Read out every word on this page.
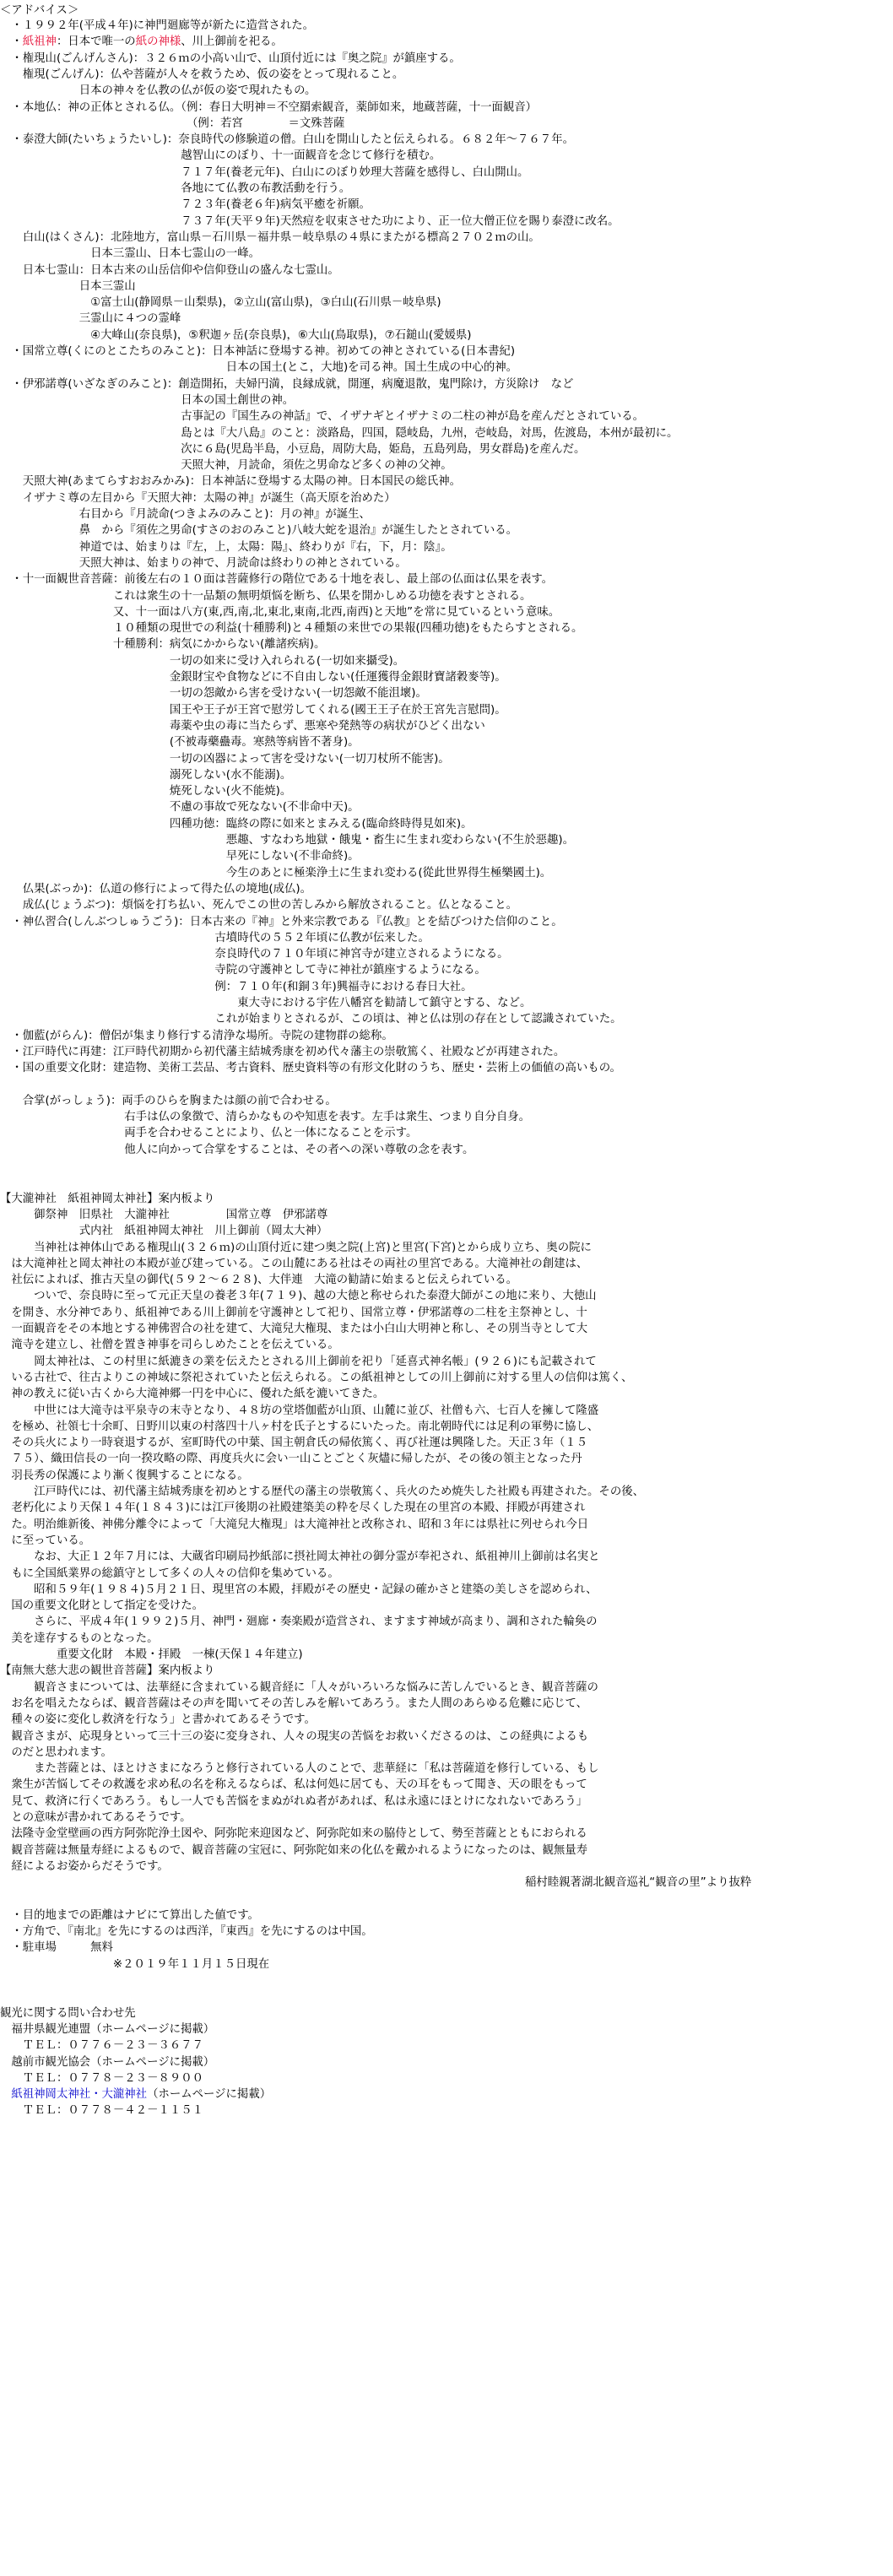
＜アドバイス＞
　・１９９２年(平成４年)に神門廻廊等が新たに造営された。
　・紙祖神：日本で唯一の紙の神様、川上御前を祀る。
　・権現山(ごんげんさん)：３２６ｍの小高い山で、山頂付近には『奥之院』が鎮座する。
　　権現(ごんげん)：仏や菩薩が人々を救うため、仮の姿をとって現れること。
　　　　　　　日本の神々を仏教の仏が仮の姿で現れたもの。
　・本地仏：神の正体とされる仏。（例：春日大明神＝不空羂索観音，薬師如来，地蔵菩薩，十一面観音）
　　　　　　　　　　　　　　　　　（例：若宮　　　　＝文殊菩薩
　・泰澄大師(たいちょうたいし)：奈良時代の修験道の僧。白山を開山したと伝えられる。６８２年～７６７年。
　　　　　　　　　　　　　　　　越智山にのぼり、十一面観音を念じて修行を積む。
　　　　　　　　　　　　　　　　７１７年(養老元年)、白山にのぼり妙理大菩薩を感得し、白山開山。
　　　　　　　　　　　　　　　　各地にて仏教の布教活動を行う。
　　　　　　　　　　　　　　　　７２３年(養老６年)病気平癒を祈願。
　　　　　　　　　　　　　　　　７３７年(天平９年)天然痘を収束させた功により、正一位大僧正位を賜り泰澄に改名。
　　白山(はくさん)：北陸地方，富山県－石川県－福井県－岐阜県の４県にまたがる標高２７０２ｍの山。
　　　　　　　　日本三霊山、日本七霊山の一峰。
　　日本七霊山：日本古来の山岳信仰や信仰登山の盛んな七霊山。
　　　　　　　日本三霊山
　　　　　　　　①富士山(静岡県－山梨県)，②立山(富山県)，③白山(石川県－岐阜県)
　　　　　　　三霊山に４つの霊峰
　　　　　　　　④大峰山(奈良県)，⑤釈迦ヶ岳(奈良県)，⑥大山(鳥取県)，⑦石鎚山(愛媛県)
　・国常立尊(くにのとこたちのみこと)：日本神話に登場する神。初めての神とされている(日本書紀)
　　　　　　　　　　　　　　　　　　　　日本の国土(とこ，大地)を司る神。国土生成の中心的神。
　・伊邪諾尊(いざなぎのみこと)：創造開拓，夫婦円満，良縁成就，開運，病魔退散，鬼門除け，方災除け　など
　　　　　　　　　　　　　　　　日本の国土創世の神。
　　　　　　　　　　　　　　　　古事記の『国生みの神話』で、イザナギとイザナミの二柱の神が島を産んだとされている。
　　　　　　　　　　　　　　　　島とは『大八島』のこと：淡路島，四国，隠岐島，九州，壱岐島，対馬，佐渡島，本州が最初に。
　　　　　　　　　　　　　　　　次に６島(児島半島，小豆島，周防大島，姫島，五島列島，男女群島)を産んだ。
　　　　　　　　　　　　　　　　天照大神，月読命，須佐之男命など多くの神の父神。
　　天照大神(あまてらすおおみかみ)：日本神話に登場する太陽の神。日本国民の総氏神。
　　イザナミ尊の左目から『天照大神：太陽の神』が誕生（高天原を治めた）
　　　　　　　右目から『月読命(つきよみのみこと)：月の神』が誕生、
　　　　　　　鼻　から『須佐之男命(すさのおのみこと)八岐大蛇を退治』が誕生したとされている。
　　　　　　　神道では、始まりは『左，上，太陽：陽』、終わりが『右，下，月：陰』。
　　　　　　　天照大神は、始まりの神で、月読命は終わりの神とされている。
　・十一面観世音菩薩：前後左右の１０面は菩薩修行の階位である十地を表し、最上部の仏面は仏果を表す。
　　　　　　　　　　これは衆生の十一品類の無明煩悩を断ち、仏果を開かしめる功徳を表すとされる。
　　　　　　　　　　又、十一面は八方(東,西,南,北,東北,東南,北西,南西)と天地”を常に見ているという意味。
　　　　　　　　　　１０種類の現世での利益(十種勝利)と４種類の来世での果報(四種功徳)をもたらすとされる。
　　　　　　　　　　十種勝利：病気にかからない(離諸疾病)。
　　　　　　　　　　　　　　　一切の如来に受け入れられる(一切如来攝受)。
　　　　　　　　　　　　　　　金銀財宝や食物などに不自由しない(任運獲得金銀財寶諸穀麥等)。
　　　　　　　　　　　　　　　一切の怨敵から害を受けない(一切怨敵不能沮壞)。
　　　　　　　　　　　　　　　国王や王子が王宮で慰労してくれる(國王王子在於王宮先言慰問)。
　　　　　　　　　　　　　　　毒薬や虫の毒に当たらず、悪寒や発熱等の病状がひどく出ない
　　　　　　　　　　　　　　　(不被毒藥蠱毒。寒熱等病皆不著身)。
　　　　　　　　　　　　　　　一切の凶器によって害を受けない(一切刀杖所不能害)。
　　　　　　　　　　　　　　　溺死しない(水不能溺)。
　　　　　　　　　　　　　　　焼死しない(火不能焼)。
　　　　　　　　　　　　　　　不慮の事故で死なない(不非命中天)。
　　　　　　　　　　　　　　　四種功徳：臨終の際に如来とまみえる(臨命終時得見如來)。
　　　　　　　　　　　　　　　　　　　　悪趣、すなわち地獄・餓鬼・畜生に生まれ変わらない(不生於惡趣)。
　　　　　　　　　　　　　　　　　　　　早死にしない(不非命終)。
　　　　　　　　　　　　　　　　　　　　今生のあとに極楽浄土に生まれ変わる(從此世界得生極樂國土)。
　　仏果(ぶっか)：仏道の修行によって得た仏の境地(成仏)。
　　成仏(じょうぶつ)：煩悩を打ち払い、死んでこの世の苦しみから解放されること。仏となること。
　・神仏習合(しんぶつしゅうごう)：日本古来の『神』と外来宗教である『仏教』とを結びつけた信仰のこと。
　　　　　　　　　　　　　　　　　　　古墳時代の５５２年頃に仏教が伝来した。
　　　　　　　　　　　　　　　　　　　奈良時代の７１０年頃に神宮寺が建立されるようになる。
　　　　　　　　　　　　　　　　　　　寺院の守護神として寺に神社が鎮座するようになる。
　　　　　　　　　　　　　　　　　　　例：７１０年(和銅３年)興福寺における春日大社。
　　　　　　　　　　　　　　　　　　　　　東大寺における宇佐八幡宮を勧請して鎮守とする、など。
　　　　　　　　　　　　　　　　　　　これが始まりとされるが、この頃は、神と仏は別の存在として認識されていた。
　・伽藍(がらん)：僧侶が集まり修行する清浄な場所。寺院の建物群の総称。
　・江戸時代に再建：江戸時代初期から初代藩主結城秀康を初め代々藩主の崇敬篤く、社殿などが再建された。
　・国の重要文化財：建造物、美術工芸品、考古資料、歴史資料等の有形文化財のうち、歴史・芸術上の価値の高いもの。
　　合掌(がっしょう)：両手のひらを胸または顔の前で合わせる。
　　　　　　　　　　　右手は仏の象徴で、清らかなものや知恵を表す。左手は衆生、つまり自分自身。
　　　　　　　　　　　両手を合わせることにより、仏と一体になることを示す。
　　　　　　　　　　　他人に向かって合掌をすることは、その者への深い尊敬の念を表す。
【大瀧神社　紙祖神岡太神社】案内板より
　　　御祭神　旧県社　大瀧神社　　　　　国常立尊　伊邪諾尊
　　　　　　　式内社　紙祖神岡太神社　川上御前（岡太大神）
　　　当神社は神体山である権現山(３２６ｍ)の山頂付近に建つ奥之院(上宮)と里宮(下宮)とから成り立ち、奥の院に
　は大滝神社と岡太神社の本殿が並び建っている。この山麓にある社はその両社の里宮である。大滝神社の創建は、
　社伝によれば、推古天皇の御代(５９２～６２８)、大伴連　大滝の勧請に始まると伝えられている。
　　　ついで、奈良時に至って元正天皇の養老３年(７１９)、越の大徳と称せられた泰澄大師がこの地に来り、大徳山
　を開き、水分神であり、紙祖神である川上御前を守護神として祀り、国常立尊・伊邪諾尊の二柱を主祭神とし、十
　一面観音をその本地とする神佛習合の社を建て、大滝兒大権現、または小白山大明神と称し、その別当寺として大
　滝寺を建立し、社僧を置き神事を司らしめたことを伝えている。
　　　岡太神社は、この村里に紙漉きの業を伝えたとされる川上御前を祀り「延喜式神名帳」(９２６)にも記載されて
　いる古社で、往古よりこの神域に祭祀されていたと伝えられる。この紙祖神としての川上御前に対する里人の信仰は篤く、
　神の教えに従い古くから大滝神郷一円を中心に、優れた紙を漉いてきた。
　　　中世には大滝寺は平泉寺の末寺となり、４８坊の堂塔伽藍が山頂、山麓に並び、社僧も六、七百人を擁して隆盛
　を極め、社領七十余町、日野川以東の村落四十八ヶ村を氏子とするにいたった。南北朝時代には足利の軍勢に協し、
　その兵火により一時衰退するが、室町時代の中葉、国主朝倉氏の帰依篤く、再び社運は興隆した。天正３年（１５
　７５）、織田信長の一向一揆攻略の際、再度兵火に会い一山ことごとく灰燼に帰したが、その後の領主となった丹
　羽長秀の保護により漸く復興することになる。
　　　江戸時代には、初代藩主結城秀康を初めとする歴代の藩主の崇敬篤く、兵火のため焼失した社殿も再建された。その後、
　老朽化により天保１４年(１８４３)には江戸後期の社殿建築美の粋を尽くした現在の里宮の本殿、拝殿が再建され
　た。明治維新後、神佛分離令によって「大滝兒大権現」は大滝神社と改称され、昭和３年には県社に列せられ今日
　に至っている。
　　　なお、大正１２年７月には、大蔵省印刷局抄紙部に摂社岡太神社の御分霊が奉祀され、紙祖神川上御前は名実と
　もに全国紙業界の総鎮守として多くの人々の信仰を集めている。
　　　昭和５９年(１９８４)５月２１日、現里宮の本殿，拝殿がその歴史・記録の確かさと建築の美しさを認められ、
　国の重要文化財として指定を受けた。
　　　さらに、平成４年(１９９２)５月、神門・廻廊・奏楽殿が造営され、ますます神域が高まり、調和された輪奐の
　美を達存するものとなった。
　　　　　重要文化財　本殿・拝殿　一棟(天保１４年建立)
【南無大慈大悲の観世音菩薩】案内板より
　　　観音さまについては、法華経に含まれている観音経に「人々がいろいろな悩みに苦しんでいるとき、観音菩薩の
　お名を唱えたならば、観音菩薩はその声を聞いてその苦しみを解いてあろう。また人間のあらゆる危難に応じて、
　種々の姿に変化し救済を行なう」と書かれてあるそうです。
　観音さまが、応現身といって三十三の姿に変身され、人々の現実の苦悩をお救いくださるのは、この経典によるも
　のだと思われます。
　　　また菩薩とは、ほとけさまになろうと修行されている人のことで、悲華経に「私は菩薩道を修行している、もし
　衆生が苦悩してその救護を求め私の名を称えるならば、私は何処に居ても、天の耳をもって聞き、天の眼をもって
　見て、救済に行くであろう。もし一人でも苦悩をまぬがれぬ者があれば、私は永遠にほとけになれないであろう」
　との意味が書かれてあるそうです。
　法隆寺金堂壁画の西方阿弥陀浄土図や、阿弥陀来迎図など、阿弥陀如来の脇侍として、勢至菩薩とともにおられる
　観音菩薩は無量寿経によるもので、観音菩薩の宝冠に、阿弥陀如来の化仏を戴かれるようになったのは、観無量寿
　経によるお姿からだそうです。
　・目的地までの距離はナビにて算出した値です。
　・方角で、『南北』を先にするのは西洋，『東西』を先にするのは中国。
　・駐車場　　　無料
　　　　　　　　　　※２０１９年１１月１５日現在
観光に関する問い合わせ先
　福井県観光連盟（ホームページに掲載）
　　ＴＥＬ：０７７６－２３－３６７７
　越前市観光協会（ホームページに掲載）
　　ＴＥＬ：０７７８－２３－８９００
　紙祖神岡太神社・大瀧神社（ホームページに掲載）
　　ＴＥＬ：０７７８－４２－１１５１
稲村睦親著湖北観音巡礼“観音の里”より抜粋
